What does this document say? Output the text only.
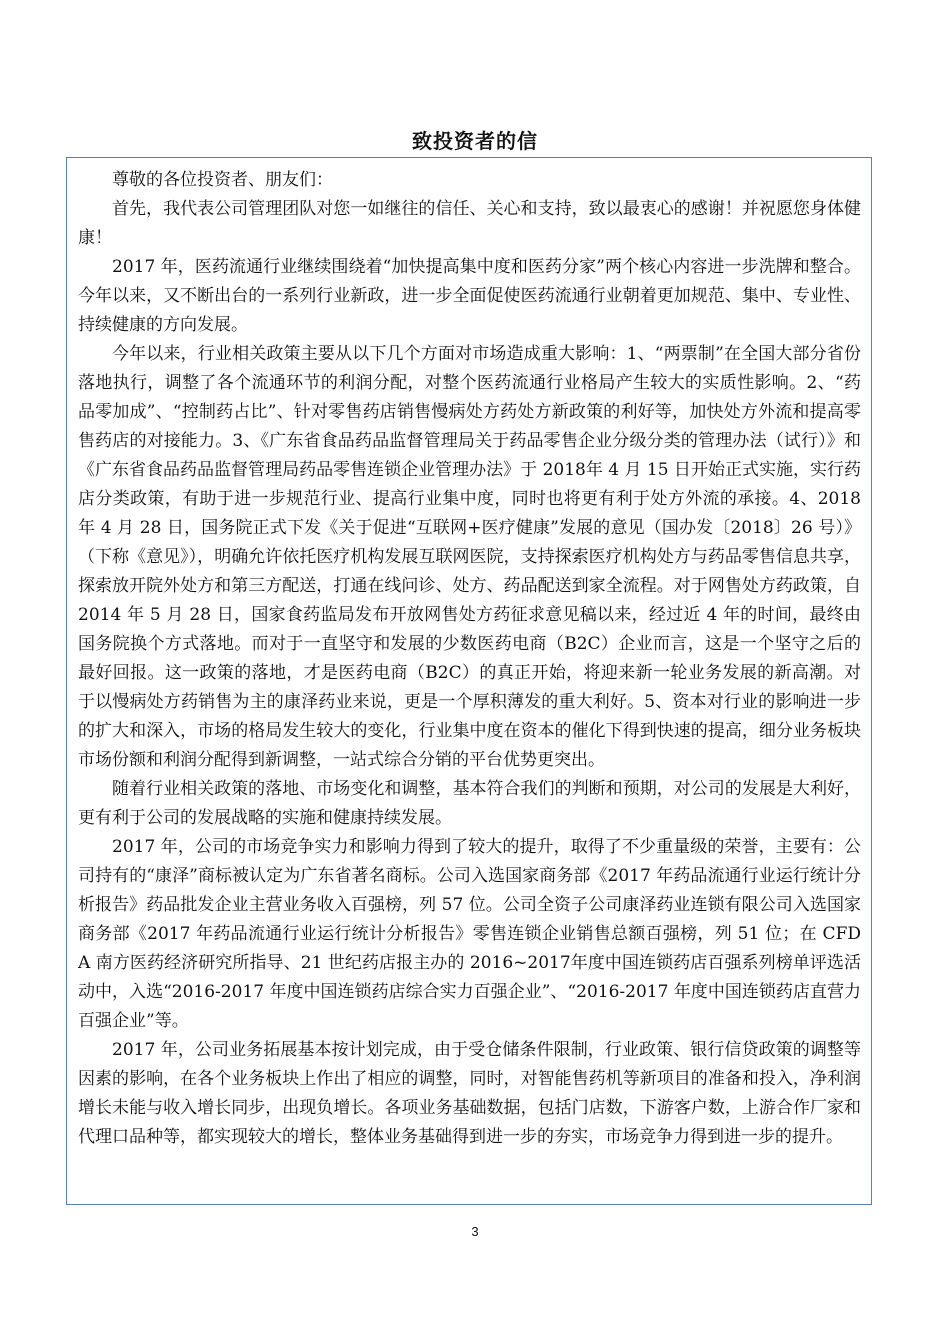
致投资者的信

尊敬的各位投资者、朋友们：

首先，我代表公司管理团队对您一如继往的信任、关心和支持，致以最衷心的感谢！并祝愿您身体健康！

2017 年，医药流通行业继续围绕着“加快提高集中度和医药分家”两个核心内容进一步洗牌和整合。今年以来，又不断出台的一系列行业新政，进一步全面促使医药流通行业朝着更加规范、集中、专业性、持续健康的方向发展。

今年以来，行业相关政策主要从以下几个方面对市场造成重大影响：1、“两票制”在全国大部分省份落地执行，调整了各个流通环节的利润分配，对整个医药流通行业格局产生较大的实质性影响。2、“药品零加成”、“控制药占比”、针对零售药店销售慢病处方药处方新政策的利好等，加快处方外流和提高零售药店的对接能力。3、《广东省食品药品监督管理局关于药品零售企业分级分类的管理办法（试行）》和《广东省食品药品监督管理局药品零售连锁企业管理办法》于 2018年 4 月 15 日开始正式实施，实行药店分类政策，有助于进一步规范行业、提高行业集中度，同时也将更有利于处方外流的承接。4、2018 年 4 月 28 日，国务院正式下发《关于促进“互联网+医疗健康”发展的意见（国办发〔2018〕26 号）》（下称《意见》），明确允许依托医疗机构发展互联网医院，支持探索医疗机构处方与药品零售信息共享，探索放开院外处方和第三方配送，打通在线问诊、处方、药品配送到家全流程。对于网售处方药政策，自 2014 年 5 月 28 日，国家食药监局发布开放网售处方药征求意见稿以来，经过近 4 年的时间，最终由国务院换个方式落地。而对于一直坚守和发展的少数医药电商（B2C）企业而言，这是一个坚守之后的最好回报。这一政策的落地，才是医药电商（B2C）的真正开始，将迎来新一轮业务发展的新高潮。对于以慢病处方药销售为主的康泽药业来说，更是一个厚积薄发的重大利好。5、资本对行业的影响进一步的扩大和深入，市场的格局发生较大的变化，行业集中度在资本的催化下得到快速的提高，细分业务板块市场份额和利润分配得到新调整，一站式综合分销的平台优势更突出。

随着行业相关政策的落地、市场变化和调整，基本符合我们的判断和预期，对公司的发展是大利好，更有利于公司的发展战略的实施和健康持续发展。

2017 年，公司的市场竞争实力和影响力得到了较大的提升，取得了不少重量级的荣誉，主要有：公司持有的“康泽”商标被认定为广东省著名商标。公司入选国家商务部《2017 年药品流通行业运行统计分析报告》药品批发企业主营业务收入百强榜，列 57 位。公司全资子公司康泽药业连锁有限公司入选国家商务部《2017 年药品流通行业运行统计分析报告》零售连锁企业销售总额百强榜，列 51 位；在 CFDA 南方医药经济研究所指导、21 世纪药店报主办的 2016~2017年度中国连锁药店百强系列榜单评选活动中，入选“2016-2017 年度中国连锁药店综合实力百强企业”、“2016-2017 年度中国连锁药店直营力百强企业”等。

2017 年，公司业务拓展基本按计划完成，由于受仓储条件限制，行业政策、银行信贷政策的调整等因素的影响，在各个业务板块上作出了相应的调整，同时，对智能售药机等新项目的准备和投入，净利润增长未能与收入增长同步，出现负增长。各项业务基础数据，包括门店数，下游客户数，上游合作厂家和代理口品种等，都实现较大的增长，整体业务基础得到进一步的夯实，市场竞争力得到进一步的提升。

3
